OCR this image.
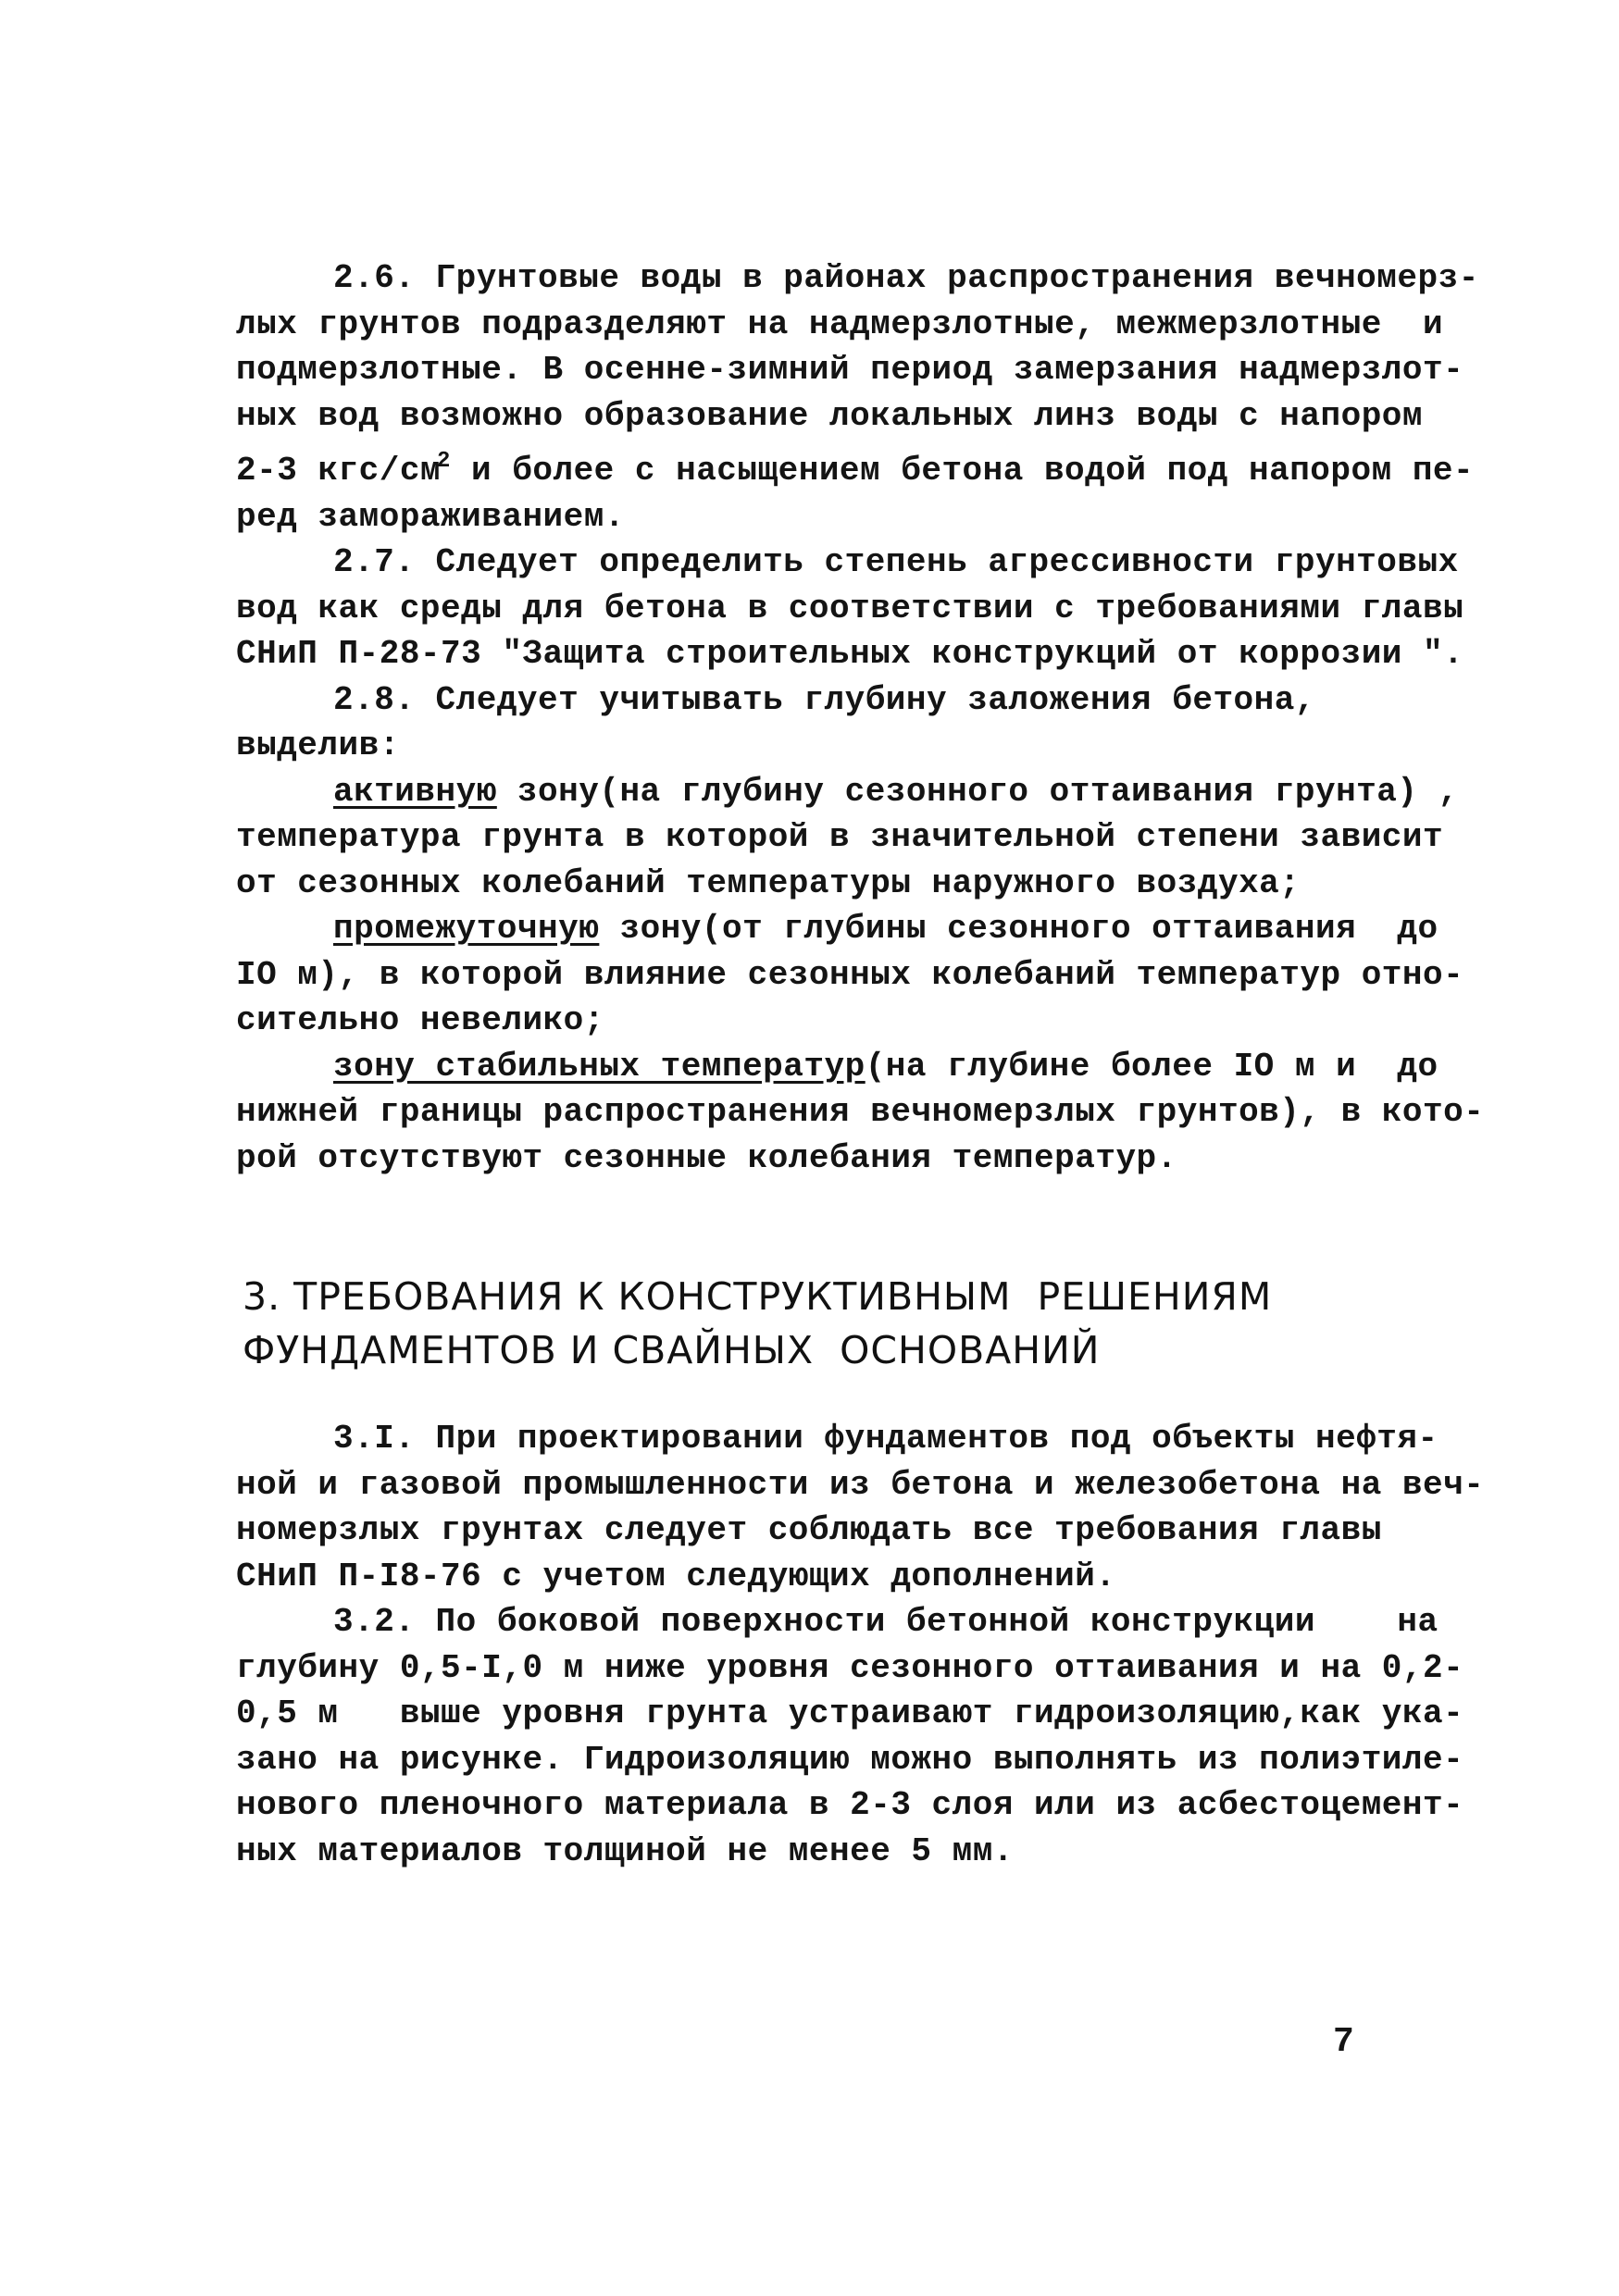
2.6. Грунтовые воды в районах распространения вечномерз-
лых грунтов подразделяют на надмерзлотные, межмерзлотные  и
подмерзлотные. В осенне-зимний период замерзания надмерзлот-
ных вод возможно образование локальных линз воды с напором
2-3 кгс/$см^2$ и более с насыщением бетона водой под напором пе-
ред замораживанием.
2.7. Следует определить степень агрессивности грунтовых
вод как среды для бетона в соответствии с требованиями главы
СНиП П-28-73 "Защита строительных конструкций от коррозии ".
2.8. Следует учитывать глубину заложения бетона,
выделив:
активную зону(на глубину сезонного оттаивания грунта) ,
температура грунта в которой в значительной степени зависит
от сезонных колебаний температуры наружного воздуха;
промежуточную зону(от глубины сезонного оттаивания  до
IO м), в которой влияние сезонных колебаний температур отно-
сительно невелико;
зону стабильных температур(на глубине более IO м и  до
нижней границы распространения вечномерзлых грунтов), в кото-
рой отсутствуют сезонные колебания температур.
3. ТРЕБОВАНИЯ К КОНСТРУКТИВНЫМ  РЕШЕНИЯМ
ФУНДАМЕНТОВ И СВАЙНЫХ  ОСНОВАНИЙ
3.I. При проектировании фундаментов под объекты нефтя-
ной и газовой промышленности из бетона и железобетона на веч-
номерзлых грунтах следует соблюдать все требования главы
СНиП П-I8-76 с учетом следующих дополнений.
3.2. По боковой поверхности бетонной конструкции    на
глубину 0,5-I,0 м ниже уровня сезонного оттаивания и на 0,2-
0,5 м   выше уровня грунта устраивают гидроизоляцию,как ука-
зано на рисунке. Гидроизоляцию можно выполнять из полиэтиле-
нового пленочного материала в 2-3 слоя или из асбестоцемент-
ных материалов толщиной не менее 5 мм.
7
